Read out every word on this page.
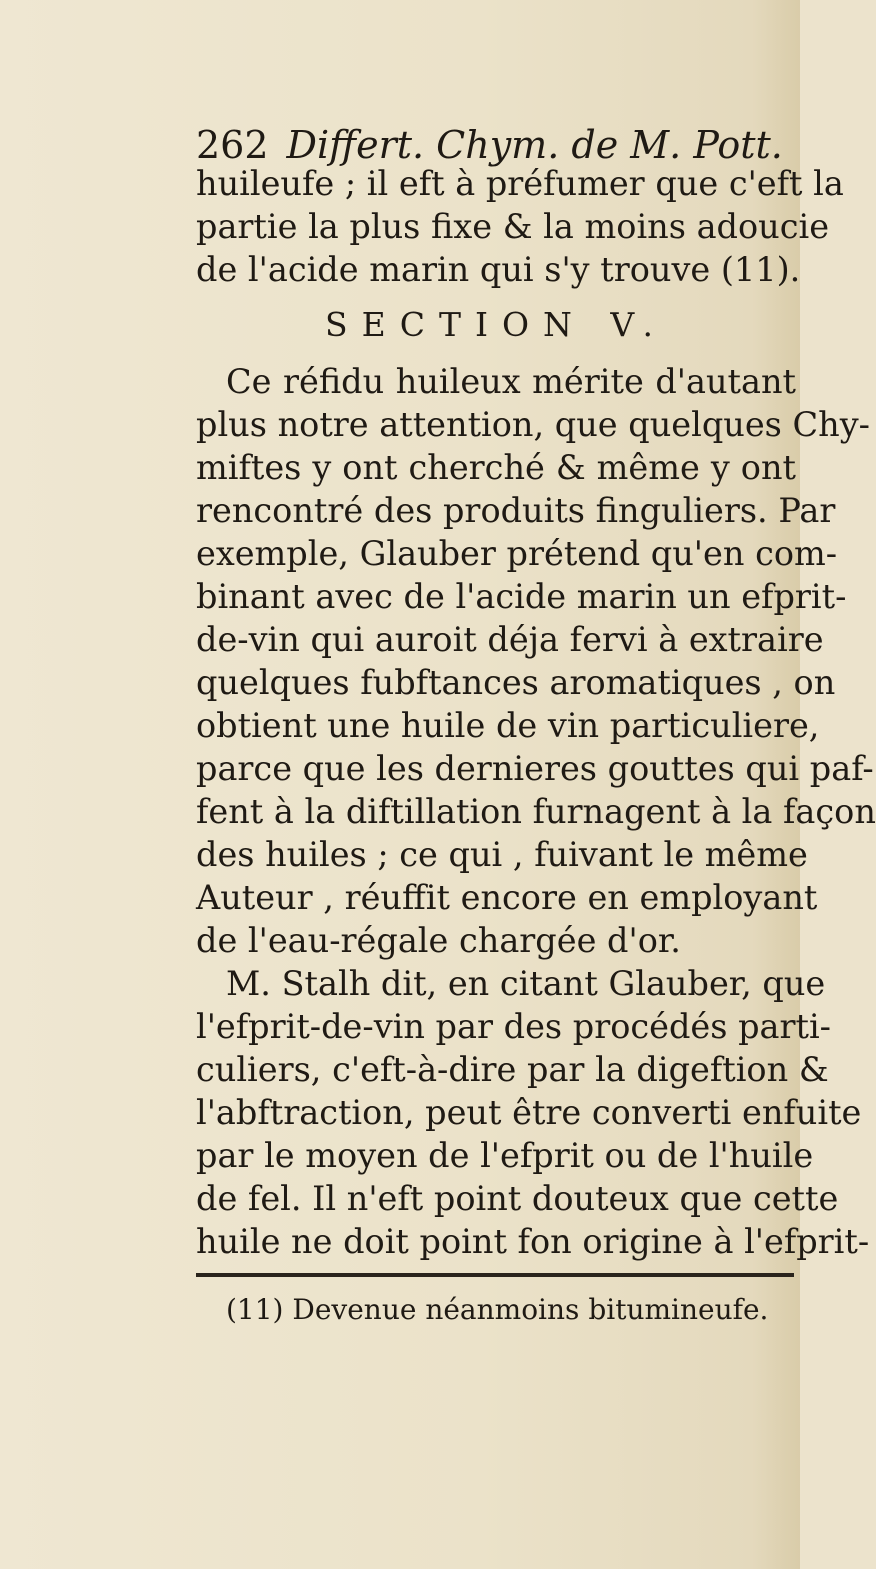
262 Differt. Chym. de M. Pott.
huileufe ; il eft à préfumer que c'eft la
partie la plus fixe & la moins adoucie
de l'acide marin qui s'y trouve (11).
SECTION V.
Ce réfidu huileux mérite d'autant
plus notre attention, que quelques Chy-
miftes y ont cherché & même y ont
rencontré des produits finguliers. Par
exemple, Glauber prétend qu'en com-
binant avec de l'acide marin un efprit-
de-vin qui auroit déja fervi à extraire
quelques fubftances aromatiques , on
obtient une huile de vin particuliere,
parce que les dernieres gouttes qui paf-
fent à la diftillation furnagent à la façon
des huiles ; ce qui , fuivant le même
Auteur , réuffit encore en employant
de l'eau-régale chargée d'or.
M. Stalh dit, en citant Glauber, que
l'efprit-de-vin par des procédés parti-
culiers, c'eft-à-dire par la digeftion &
l'abftraction, peut être converti enfuite
par le moyen de l'efprit ou de l'huile
de fel. Il n'eft point douteux que cette
huile ne doit point fon origine à l'efprit-
(11) Devenue néanmoins bitumineufe.
